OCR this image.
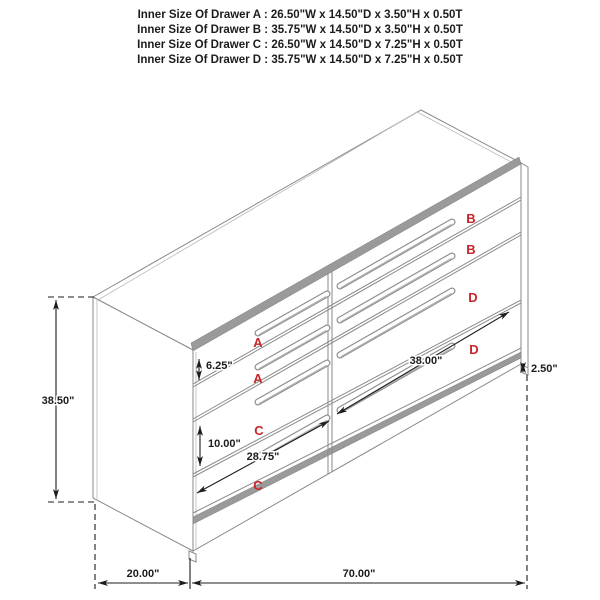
Inner Size Of Drawer A : 26.50"W x 14.50"D x 3.50"H x 0.50T
Inner Size Of Drawer B : 35.75"W x 14.50"D x 3.50"H x 0.50T
Inner Size Of Drawer C : 26.50"W x 14.50"D x 7.25"H x 0.50T
Inner Size Of Drawer D : 35.75"W x 14.50"D x 7.25"H x 0.50T
A
A
B
B
C
C
D
D
38.50"
6.25"
10.00"
28.75"
38.00"
2.50"
20.00"	70.00"
